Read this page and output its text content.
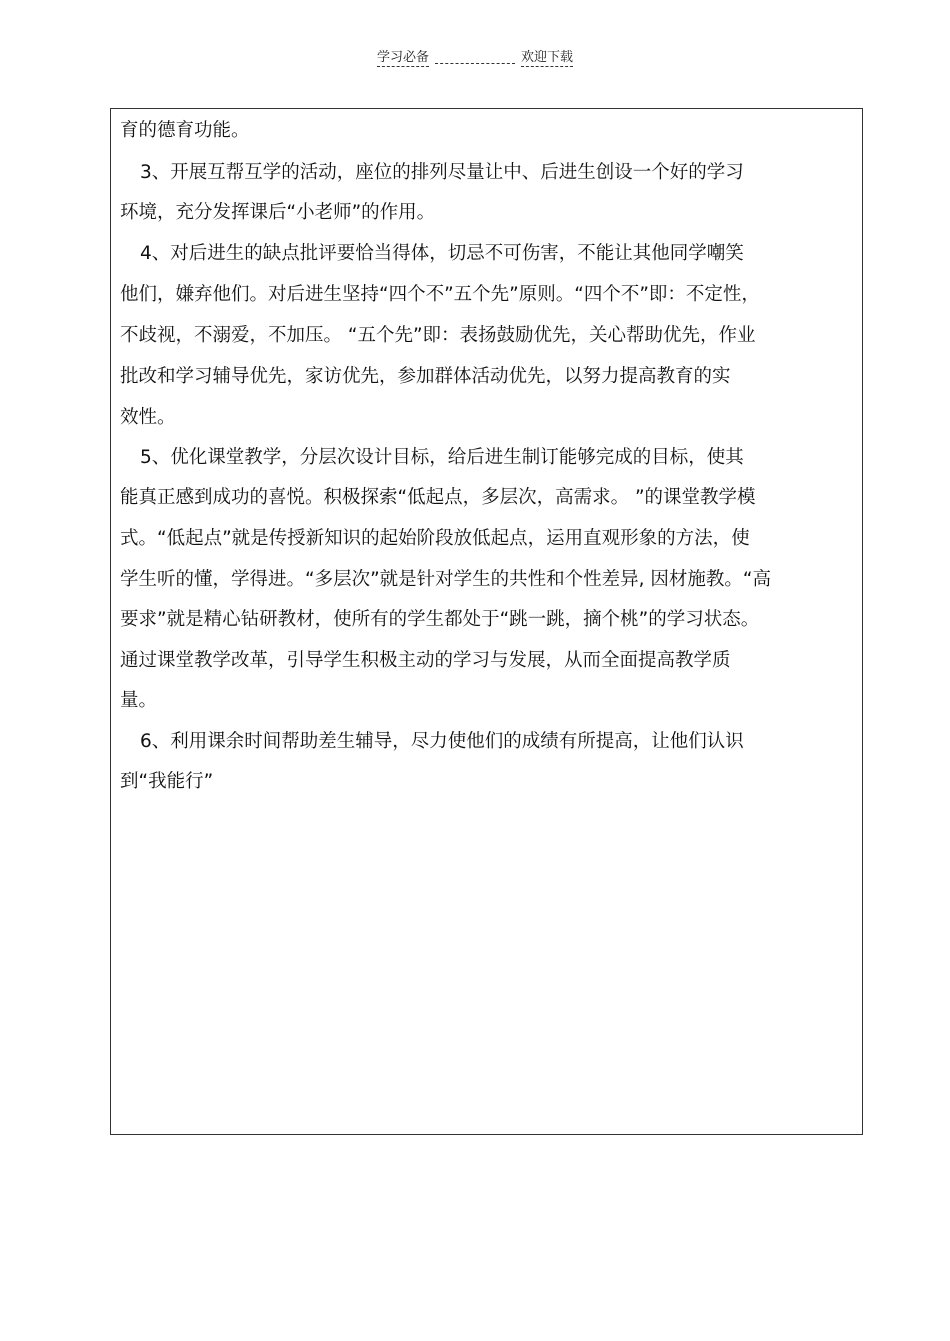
学习必备	欢迎下载
育的德育功能。
3、开展互帮互学的活动，座位的排列尽量让中、后进生创设一个好的学习
环境，充分发挥课后“小老师”的作用。
4、对后进生的缺点批评要恰当得体，切忌不可伤害，不能让其他同学嘲笑
他们，嫌弃他们。对后进生坚持“四个不”五个先”原则。“四个不”即：不定性，
不歧视，不溺爱，不加压。 “五个先”即：表扬鼓励优先，关心帮助优先，作业
批改和学习辅导优先，家访优先，参加群体活动优先，以努力提高教育的实
效性。
5、优化课堂教学，分层次设计目标，给后进生制订能够完成的目标，使其
能真正感到成功的喜悦。积极探索“低起点，多层次，高需求。 ”的课堂教学模
式。“低起点”就是传授新知识的起始阶段放低起点，运用直观形象的方法，使
学生听的懂，学得进。“多层次”就是针对学生的共性和个性差异, 因材施教。“高
要求”就是精心钻研教材，使所有的学生都处于“跳一跳，摘个桃”的学习状态。
通过课堂教学改革，引导学生积极主动的学习与发展，从而全面提高教学质
量。
6、利用课余时间帮助差生辅导，尽力使他们的成绩有所提高，让他们认识
到“我能行”
